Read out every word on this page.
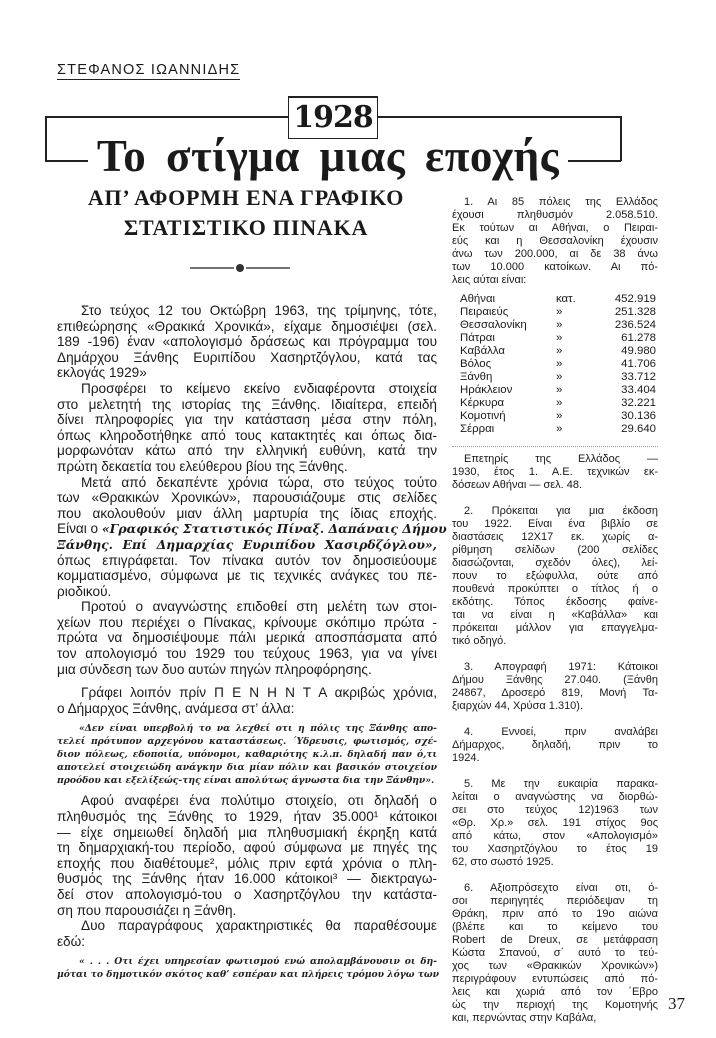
ΣΤΕΦΑΝΟΣ ΙΩΑΝΝΙΔΗΣ
1928
Το στίγμα μιας εποχής
ΑΠ’ ΑΦΟΡΜΗ ΕΝΑ ΓΡΑΦΙΚΟ
ΣΤΑΤΙΣΤΙΚΟ ΠΙΝΑΚΑ
Στο τεύχος 12 του Οκτώβρη 1963, της τρίμηνης, τότε,
επιθεώρησης «Θρακικά Χρονικά», είχαμε δημοσιέψει (σελ.
189 -196) έναν «απολογισμό δράσεως και πρόγραμμα του
Δημάρχου Ξάνθης Ευριπίδου Χασηρτζόγλου, κατά τας
εκλογάς 1929»
Προσφέρει το κείμενο εκείνο ενδιαφέροντα στοιχεία
στο μελετητή της ιστορίας της Ξάνθης. Ιδιαίτερα, επειδή
δίνει πληροφορίες για την κατάσταση μέσα στην πόλη,
όπως κληροδοτήθηκε από τους κατακτητές και όπως δια-
μορφωνόταν κάτω από την ελληνική ευθύνη, κατά την
πρώτη δεκαετία του ελεύθερου βίου της Ξάνθης.
Μετά από δεκαπέντε χρόνια τώρα, στο τεύχος τούτο
των «Θρακικών Χρονικών», παρουσιάζουμε στις σελίδες
που ακολουθούν μιαν άλλη μαρτυρία της ίδιας εποχής.
Είναι ο «Γραφικός Στατιστικός Πίναξ. Δαπάναις Δήμου
Ξάνθης. Επί Δημαρχίας Ευριπίδου Χασιρδζόγλου»,
όπως επιγράφεται. Τον πίνακα αυτόν τον δημοσιεύουμε
κομματιασμένο, σύμφωνα με τις τεχνικές ανάγκες του πε-
ριοδικού.
Προτού ο αναγνώστης επιδοθεί στη μελέτη των στοι-
χείων που περιέχει ο Πίνακας, κρίνουμε σκόπιμο πρώτα -
πρώτα να δημοσιέψουμε πάλι μερικά αποσπάσματα από
τον απολογισμό του 1929 του τεύχους 1963, για να γίνει
μια σύνδεση των δυο αυτών πηγών πληροφόρησης.
Γράφει λοιπόν πρίν Π Ε Ν Η Ν Τ Α ακριβώς χρόνια,
ο Δήμαρχος Ξάνθης, ανάμεσα στ’ άλλα:
«Δεν είναι υπερβολή το να λεχθεί οτι η πόλις της Ξάνθης απο-
τελεί πρότυπον αρχεγόνου καταστάσεως. ΄Υδρευσις, φωτισμός, σχέ-
διον πόλεως, εδοποιία, υπόνομοι, καθαριότης κ.λ.π. δηλαδή παν ό,τι
αποτελεί στοιχειώδη ανάγκην δια μίαν πόλιν και βασικόν στοιχείον
προόδου και εξελίξεώς-της είναι απολύτως άγνωστα δια την Ξάνθην».
Αφού αναφέρει ένα πολύτιμο στοιχείο, οτι δηλαδή ο
πληθυσμός της Ξάνθης το 1929, ήταν 35.000¹ κάτοικοι
— είχε σημειωθεί δηλαδή μια πληθυσμιακή έκρηξη κατά
τη δημαρχιακή-του περίοδο, αφού σύμφωνα με πηγές της
εποχής που διαθέτουμε², μόλις πριν εφτά χρόνια ο πλη-
θυσμός της Ξάνθης ήταν 16.000 κάτοικοι³ — διεκτραγω-
δεί στον απολογισμό-του ο Χασηρτζόγλου την κατάστα-
ση που παρουσιάζει η Ξάνθη.
Δυο παραγράφους χαρακτηριστικές θα παραθέσουμε
εδώ:
« . . . Οτι έχει υπηρεσίαν φωτισμού ενώ απολαμβάνουσιν οι δη-
μόται το δημοτικόν σκότος καθ’ εσπέραν και πλήρεις τρόμου λόγω των
1. Αι 85 πόλεις της Ελλάδος
έχουσι πληθυσμόν 2.058.510.
Εκ τούτων αι Αθήναι, ο Πειραι-
εύς και η Θεσσαλονίκη έχουσιν
άνω των 200.000, αι δε 38 άνω
των 10.000 κατοίκων. Αι πό-
λεις αύται είναι:
Αθήναι	κατ.	452.919
Πειραιεύς	»	251.328
Θεσσαλονίκη	»	236.524
Πάτραι	»	61.278
Καβάλλα	»	49.980
Βόλος	»	41.706
Ξάνθη	»	33.712
Ηράκλειον	»	33.404
Κέρκυρα	»	32.221
Κομοτινή	»	30.136
Σέρραι	»	29.640
Επετηρίς της Ελλάδος —
1930, έτος 1. Α.Ε. τεχνικών εκ-
δόσεων Αθήναι — σελ. 48.
2. Πρόκειται για μια έκδοση
του 1922. Είναι ένα βιβλίο σε
διαστάσεις 12Χ17 εκ. χωρίς α-
ρίθμηση σελίδων (200 σελίδες
διασώζονται, σχεδόν όλες), λεί-
πουν το εξώφυλλα, ούτε από
πουθενά προκύπτει ο τίτλος ή ο
εκδότης. Τόπος έκδοσης φαίνε-
ται να είναι η «Καβάλλα» και
πρόκειται μάλλον για επαγγελμα-
τικό οδηγό.
3. Απογραφή 1971: Κάτοικοι
Δήμου Ξάνθης 27.040. (Ξάνθη
24867, Δροσερό 819, Μονή Τα-
ξιαρχών 44, Χρύσα 1.310).
4. Εννοεί, πριν αναλάβει
Δήμαρχος, δηλαδή, πριν το
1924.
5. Με την ευκαιρία παρακα-
λείται ο αναγνώστης να διορθώ-
σει στο τεύχος 12)1963 των
«Θρ. Χρ.» σελ. 191 στίχος 9ος
από κάτω, στον «Απολογισμό»
του Χασηρτζόγλου το έτος 19
62, στο σωστό 1925.
6. Αξιοπρόσεχτο είναι οτι, ό-
σοι περιηγητές περιόδεψαν τη
Θράκη, πριν από το 19ο αιώνα
(βλέπε και το κείμενο του
Robert de Dreux, σε μετάφραση
Κώστα Σπανού, σ΄ αυτό το τεύ-
χος των «Θρακικών Χρονικών»)
περιγράφουν εντυπώσεις από πό-
λεις και χωριά από τον ΄Εβρο
ώς την περιοχή της Κομοτηνής
και, περνώντας στην Καβάλα,
37
